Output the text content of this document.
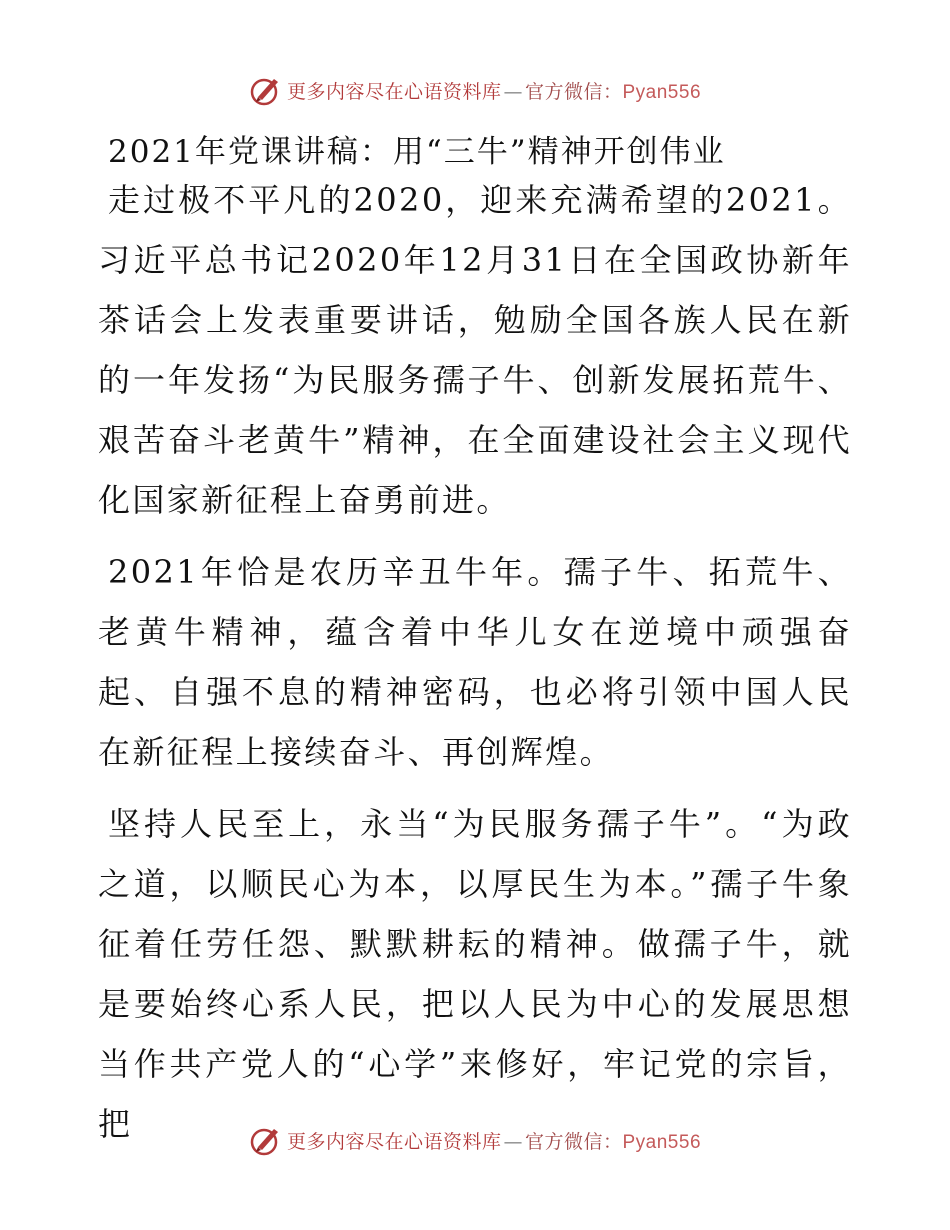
更多内容尽在心语资料库 — 官方微信：Pyan556
2021年党课讲稿：用“三牛”精神开创伟业

走过极不平凡的2020，迎来充满希望的2021。习近平总书记2020年12月31日在全国政协新年茶话会上发表重要讲话，勉励全国各族人民在新的一年发扬“为民服务孺子牛、创新发展拓荒牛、艰苦奋斗老黄牛”精神，在全面建设社会主义现代化国家新征程上奋勇前进。

2021年恰是农历辛丑牛年。孺子牛、拓荒牛、老黄牛精神，蕴含着中华儿女在逆境中顽强奋起、自强不息的精神密码，也必将引领中国人民在新征程上接续奋斗、再创辉煌。

坚持人民至上，永当“为民服务孺子牛”。“为政之道，以顺民心为本，以厚民生为本。”孺子牛象征着任劳任怨、默默耕耘的精神。做孺子牛，就是要始终心系人民，把以人民为中心的发展思想当作共产党人的“心学”来修好，牢记党的宗旨，把	更多内容尽在心语资料库 — 官方微信：Pyan556
